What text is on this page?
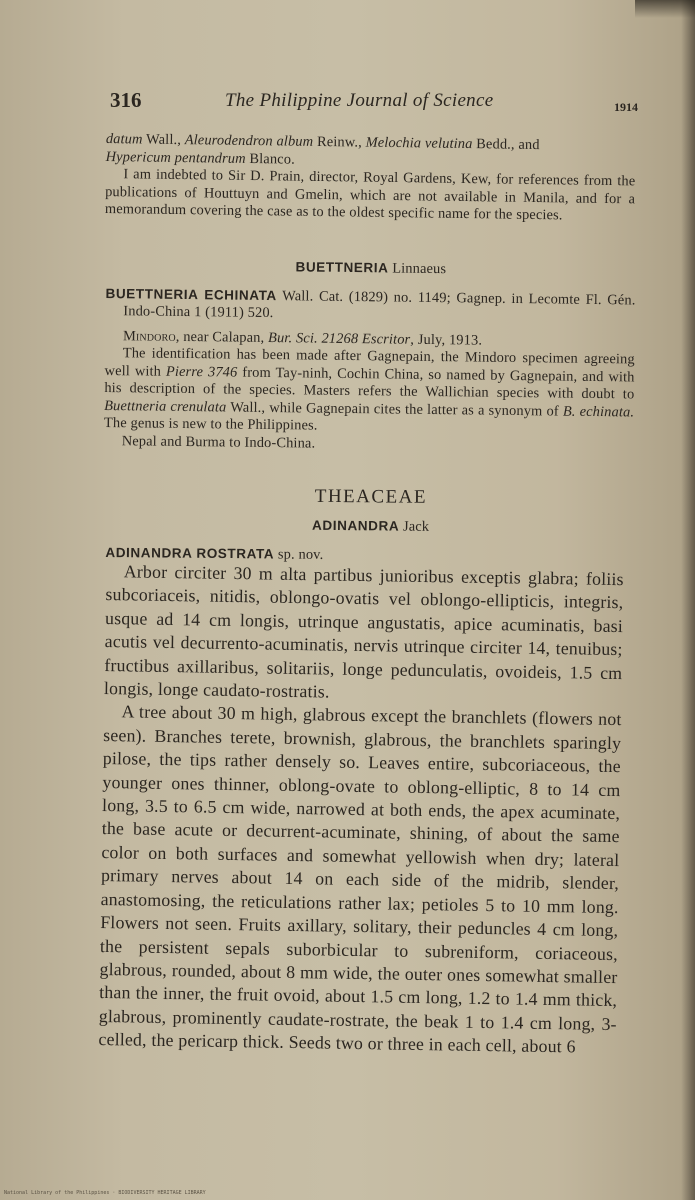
316	The Philippine Journal of Science	1914

datum Wall., Aleurodendron album Reinw., Melochia velutina Bedd., and

Hypericum pentandrum Blanco.

I am indebted to Sir D. Prain, director, Royal Gardens, Kew, for references from the publications of Houttuyn and Gmelin, which are not available in Manila, and for a memorandum covering the case as to the oldest specific name for the species.

BUETTNERIA Linnaeus

BUETTNERIA ECHINATA Wall. Cat. (1829) no. 1149; Gagnep. in Lecomte Fl. Gén. Indo-China 1 (1911) 520.

Mindoro, near Calapan, Bur. Sci. 21268 Escritor, July, 1913.

The identification has been made after Gagnepain, the Mindoro specimen agreeing well with Pierre 3746 from Tay-ninh, Cochin China, so named by Gagnepain, and with his description of the species. Masters refers the Wallichian species with doubt to Buettneria crenulata Wall., while Gagnepain cites the latter as a synonym of B. echinata. The genus is new to the Philippines.

Nepal and Burma to Indo-China.

THEACEAE

ADINANDRA Jack

ADINANDRA ROSTRATA sp. nov.

Arbor circiter 30 m alta partibus junioribus exceptis glabra; foliis subcoriaceis, nitidis, oblongo-ovatis vel oblongo-ellipticis, integris, usque ad 14 cm longis, utrinque angustatis, apice acuminatis, basi acutis vel decurrento-acuminatis, nervis utrinque circiter 14, tenuibus; fructibus axillaribus, solitariis, longe pedunculatis, ovoideis, 1.5 cm longis, longe caudato-rostratis.

A tree about 30 m high, glabrous except the branchlets (flowers not seen). Branches terete, brownish, glabrous, the branchlets sparingly pilose, the tips rather densely so. Leaves entire, subcoriaceous, the younger ones thinner, oblong-ovate to oblong-elliptic, 8 to 14 cm long, 3.5 to 6.5 cm wide, narrowed at both ends, the apex acuminate, the base acute or decurrent-acuminate, shining, of about the same color on both surfaces and somewhat yellowish when dry; lateral primary nerves about 14 on each side of the midrib, slender, anastomosing, the reticulations rather lax; petioles 5 to 10 mm long. Flowers not seen. Fruits axillary, solitary, their peduncles 4 cm long, the persistent sepals suborbicular to subreniform, coriaceous, glabrous, rounded, about 8 mm wide, the outer ones somewhat smaller than the inner, the fruit ovoid, about 1.5 cm long, 1.2 to 1.4 mm thick, glabrous, prominently caudate-rostrate, the beak 1 to 1.4 cm long, 3-celled, the pericarp thick. Seeds two or three in each cell, about 6

National Library of the Philippines · BIODIVERSITY HERITAGE LIBRARY
